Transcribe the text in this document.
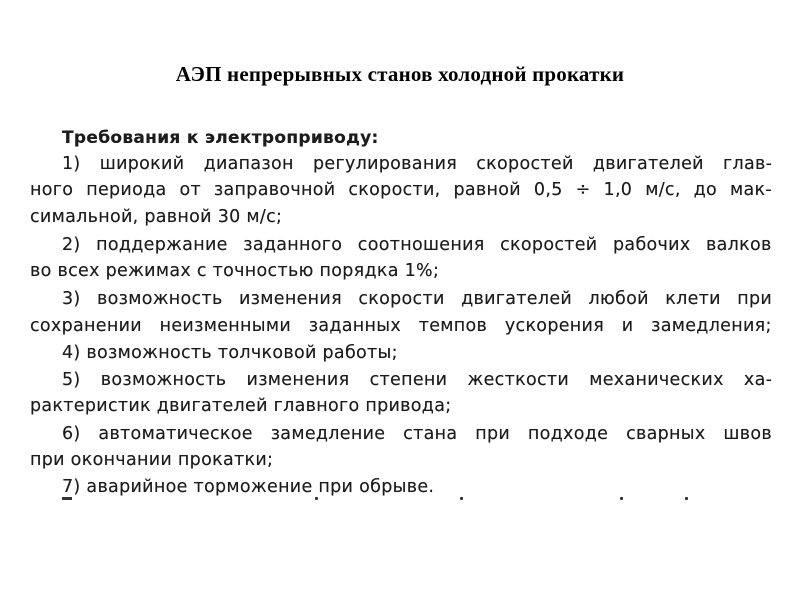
АЭП непрерывных станов холодной прокатки
Требования к электроприводу:
1) широкий диапазон регулирования скоростей двигателей глав-
ного периода от заправочной скорости, равной 0,5 ÷ 1,0 м/с, до мак-
симальной, равной 30 м/с;
2) поддержание заданного соотношения скоростей рабочих валков
во всех режимах с точностью порядка 1%;
3) возможность изменения скорости двигателей любой клети при
сохранении неизменными заданных темпов ускорения и замедления;
4) возможность толчковой работы;
5) возможность изменения степени жесткости механических ха-
рактеристик двигателей главного привода;
6) автоматическое замедление стана при подходе сварных швов
при окончании прокатки;
7) аварийное торможение при обрыве.
